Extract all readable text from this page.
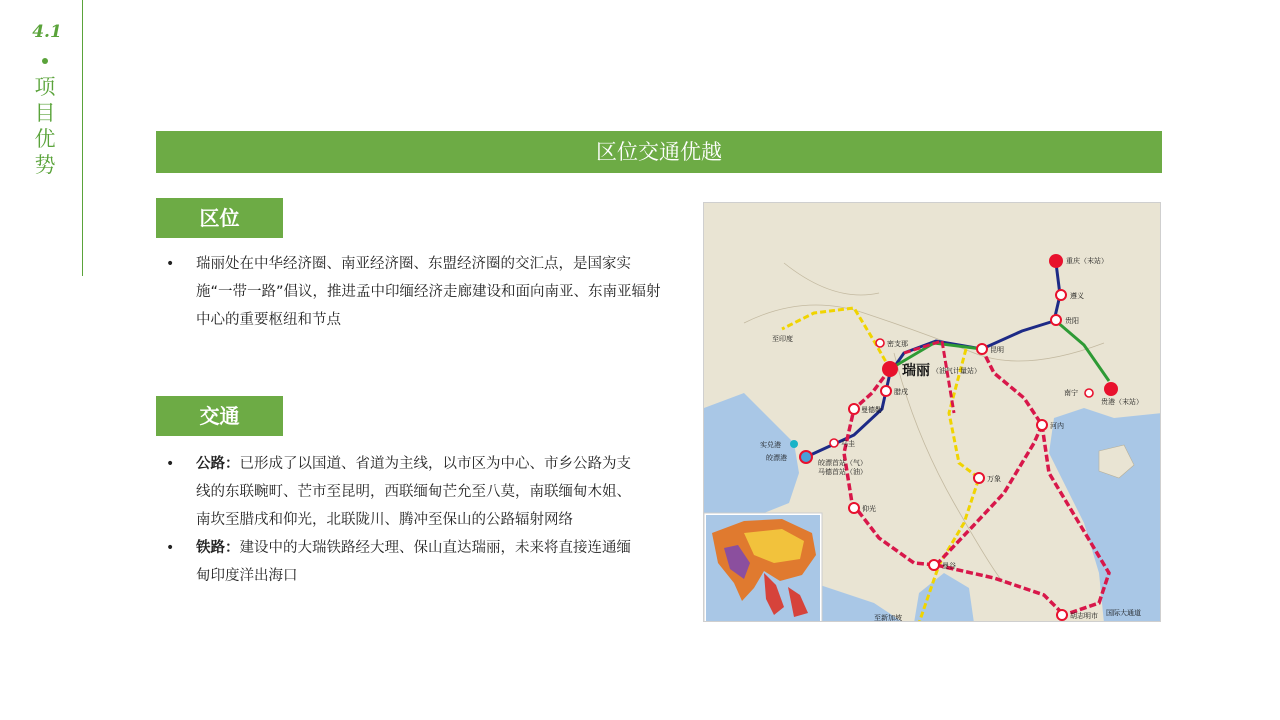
4.1
项目优势
区位交通优越
区位
• 瑞丽处在中华经济圈、南亚经济圈、东盟经济圈的交汇点，是国家实施“一带一路”倡议，推进孟中印缅经济走廊建设和面向南亚、东南亚辐射中心的重要枢纽和节点
交通
• 公路：已形成了以国道、省道为主线，以市区为中心、市乡公路为支线的东联畹町、芒市至昆明，西联缅甸芒允至八莫，南联缅甸木姐、南坎至腊戌和仰光，北联陇川、腾冲至保山的公路辐射网络
• 铁路：建设中的大瑞铁路经大理、保山直达瑞丽，未来将直接连通缅甸印度洋出海口
重庆（末站）
遵义
贵阳
贵港（末站）
南宁
昆明
密支那
瑞丽 （油气计量站）
腊戌
曼德勒
马圭
实兑港
皎漂港
皎漂首站（气）
马德首站（油）
仰光
万象
河内
曼谷
胡志明市
至印度
至新加坡
国际大通道
